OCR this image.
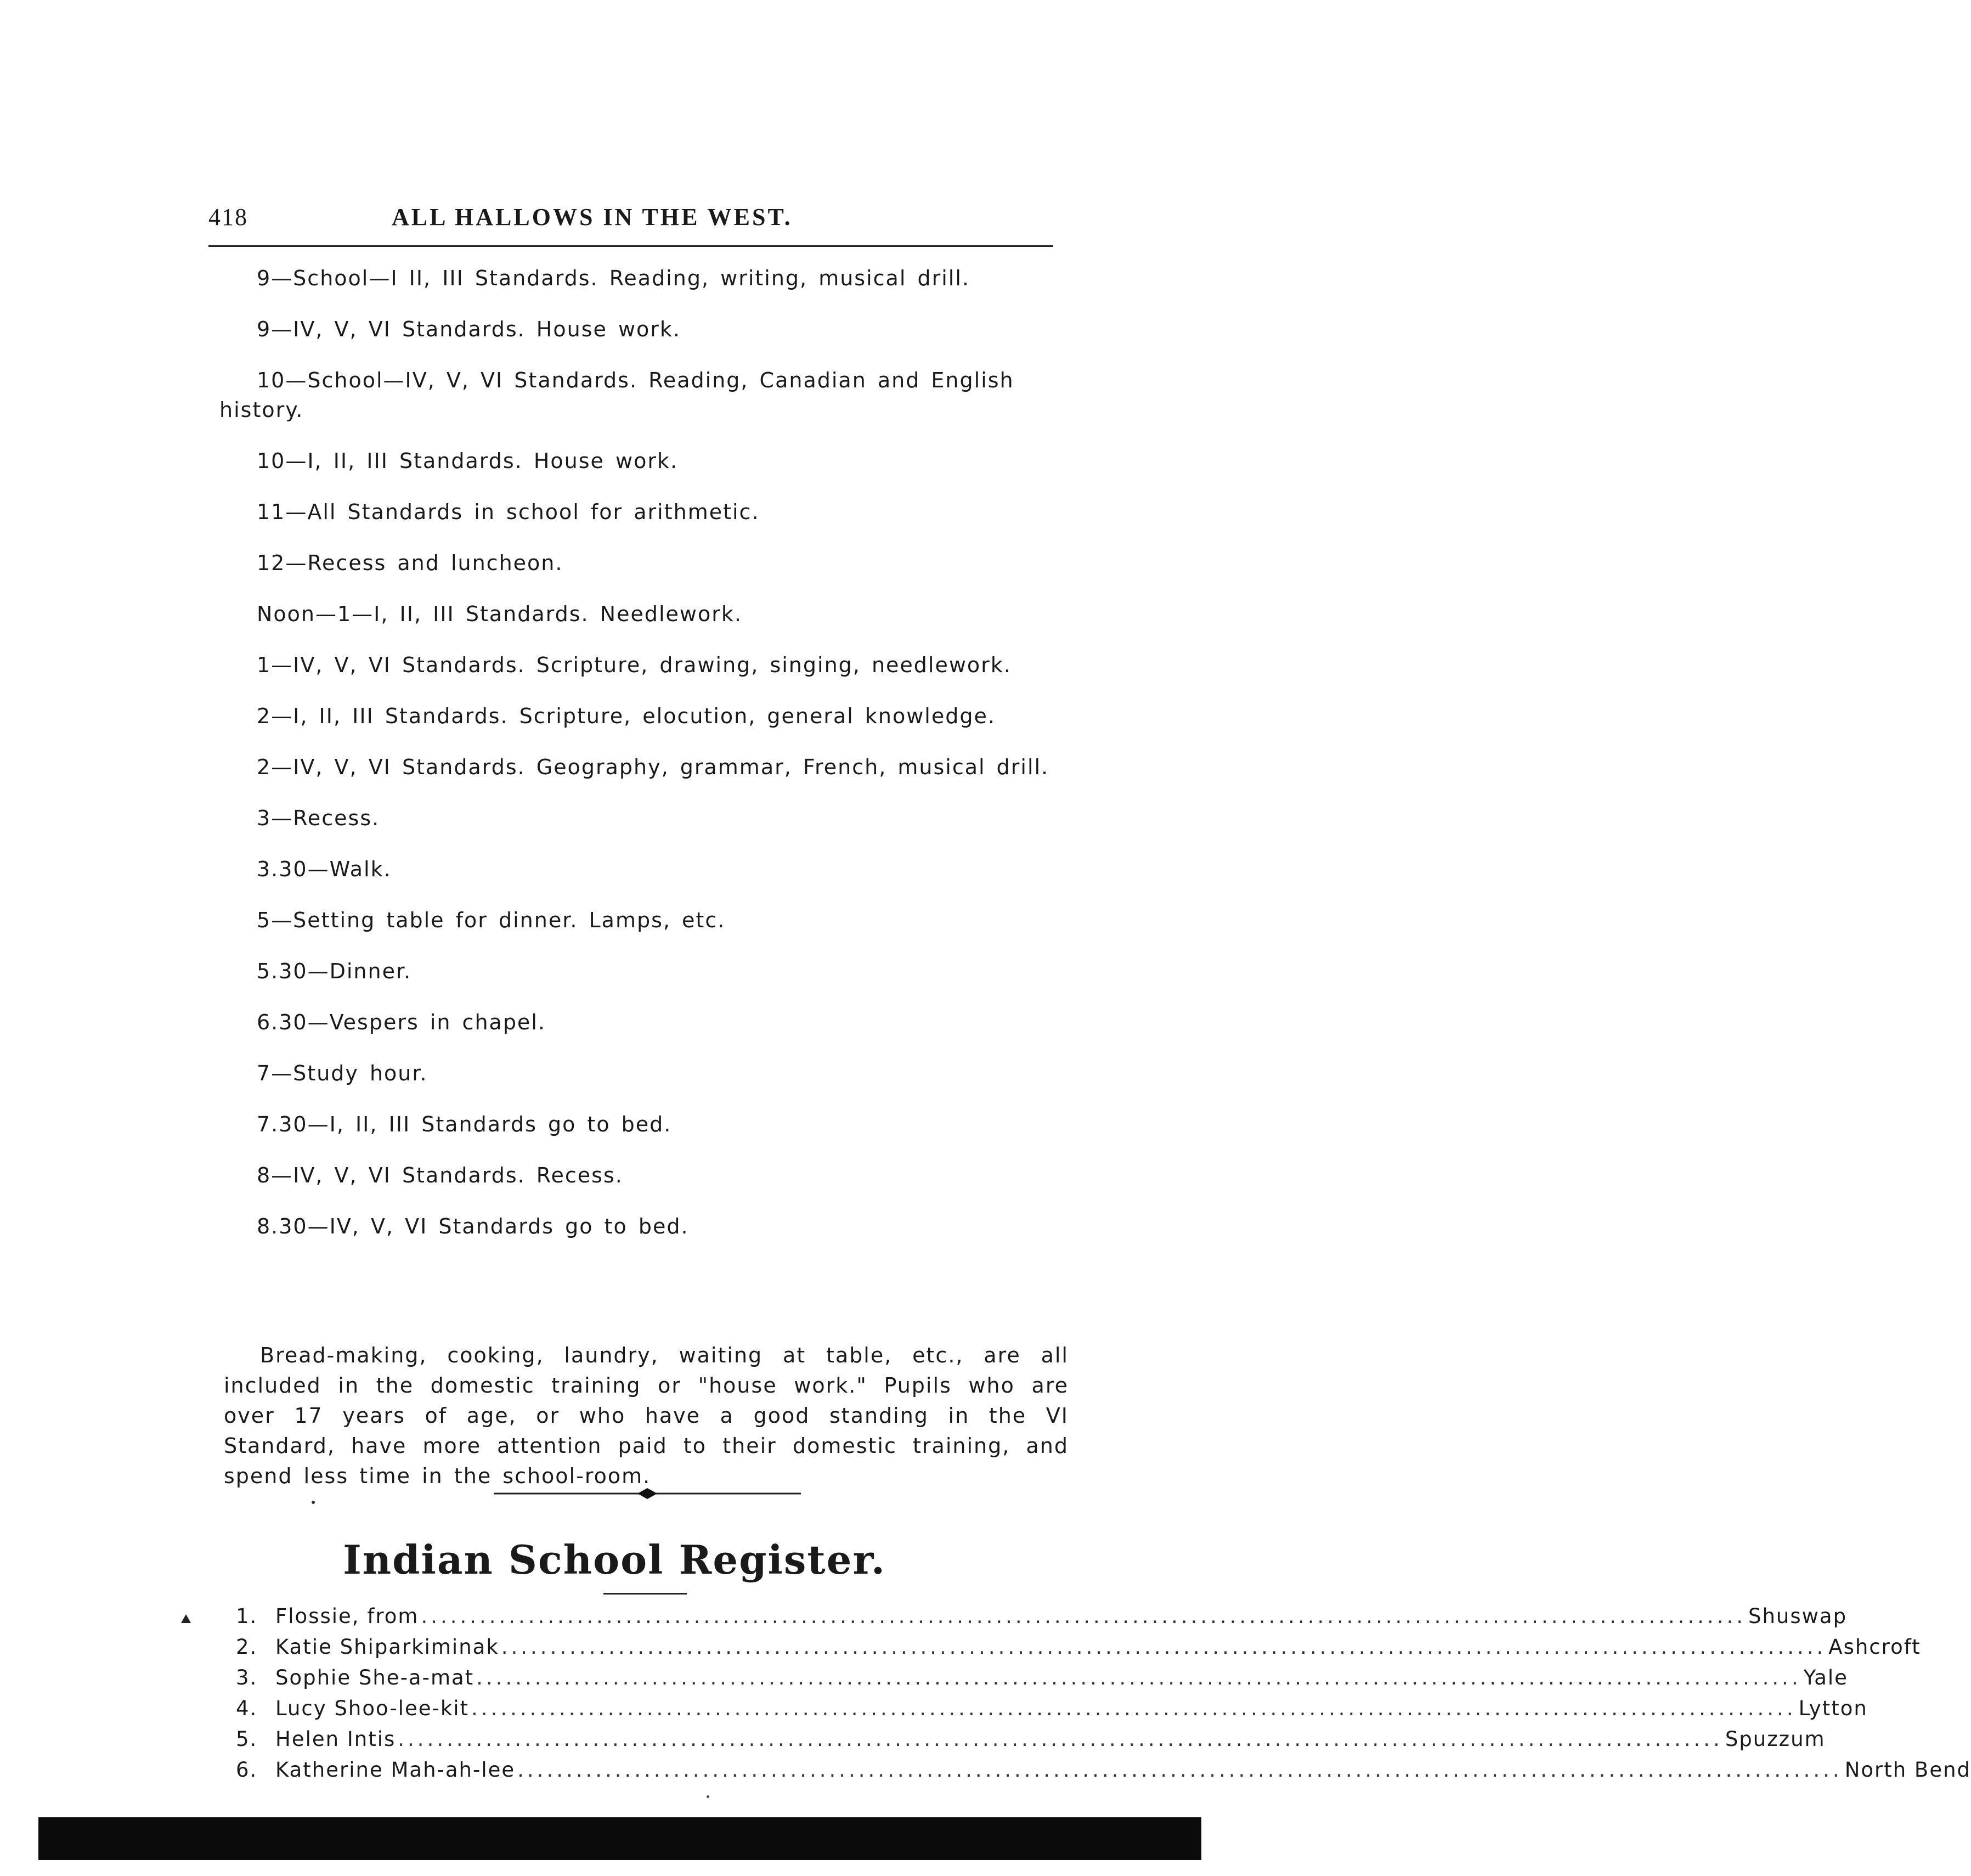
418	ALL HALLOWS IN THE WEST.

9—School—I II, III Standards. Reading, writing, musical drill.

9—IV, V, VI Standards. House work.

10—School—IV, V, VI Standards. Reading, Canadian and English history.

10—I, II, III Standards. House work.

11—All Standards in school for arithmetic.

12—Recess and luncheon.

Noon—1—I, II, III Standards. Needlework.

1—IV, V, VI Standards. Scripture, drawing, singing, needlework.

2—I, II, III Standards. Scripture, elocution, general knowledge.

2—IV, V, VI Standards. Geography, grammar, French, musical drill.

3—Recess.

3.30—Walk.

5—Setting table for dinner. Lamps, etc.

5.30—Dinner.

6.30—Vespers in chapel.

7—Study hour.

7.30—I, II, III Standards go to bed.

8—IV, V, VI Standards. Recess.

8.30—IV, V, VI Standards go to bed.

Bread-making, cooking, laundry, waiting at table, etc., are all included in the domestic training or "house work." Pupils who are over 17 years of age, or who have a good standing in the VI Standard, have more attention paid to their domestic training, and spend less time in the school-room.

Indian School Register.
1. Flossie, from ........................................................................................................................................ Shuswap
2. Katie Shiparkiminak ........................................................................................................................................ Ashcroft
3. Sophie She-a-mat ........................................................................................................................................ Yale
4. Lucy Shoo-lee-kit ........................................................................................................................................ Lytton
5. Helen Intis ........................................................................................................................................ Spuzzum
6. Katherine Mah-ah-lee ........................................................................................................................................ North Bend
